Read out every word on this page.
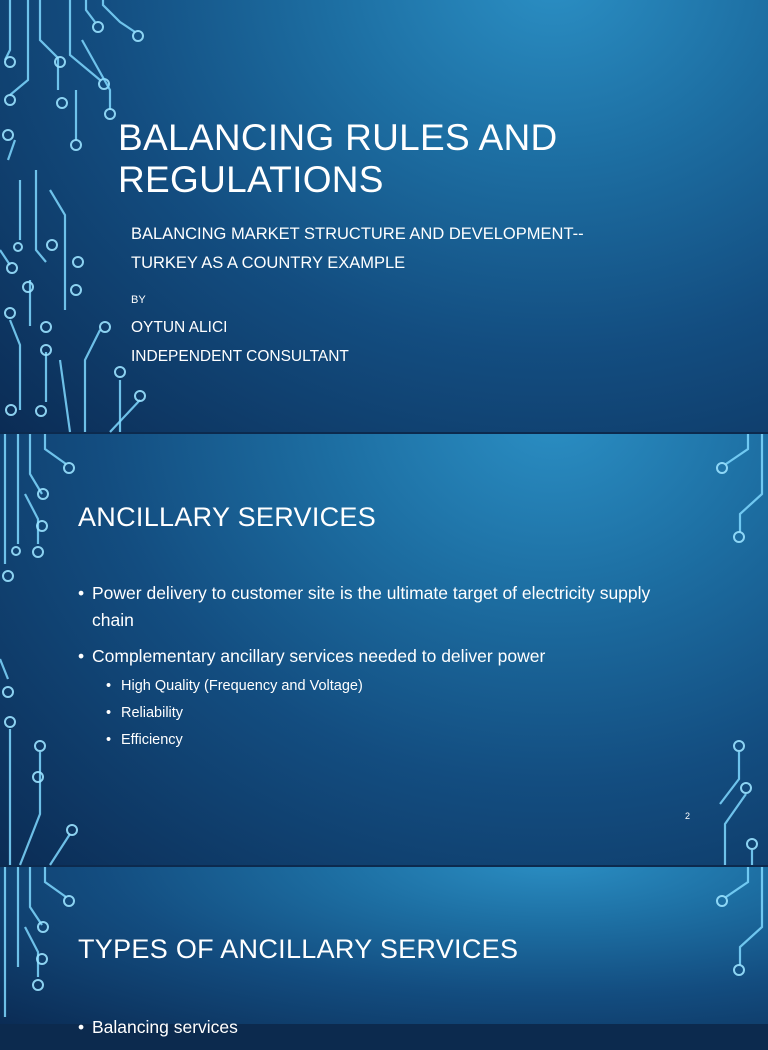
BALANCING RULES AND
REGULATIONS
BALANCING MARKET STRUCTURE AND DEVELOPMENT--
TURKEY AS A COUNTRY EXAMPLE
BY
OYTUN ALICI
INDEPENDENT CONSULTANT
ANCILLARY SERVICES
• Power delivery to customer site is the ultimate target of electricity supply chain
• Complementary ancillary services needed to deliver power
• High Quality (Frequency and Voltage)
• Reliability
• Efficiency
2
TYPES OF ANCILLARY SERVICES
• Balancing services
